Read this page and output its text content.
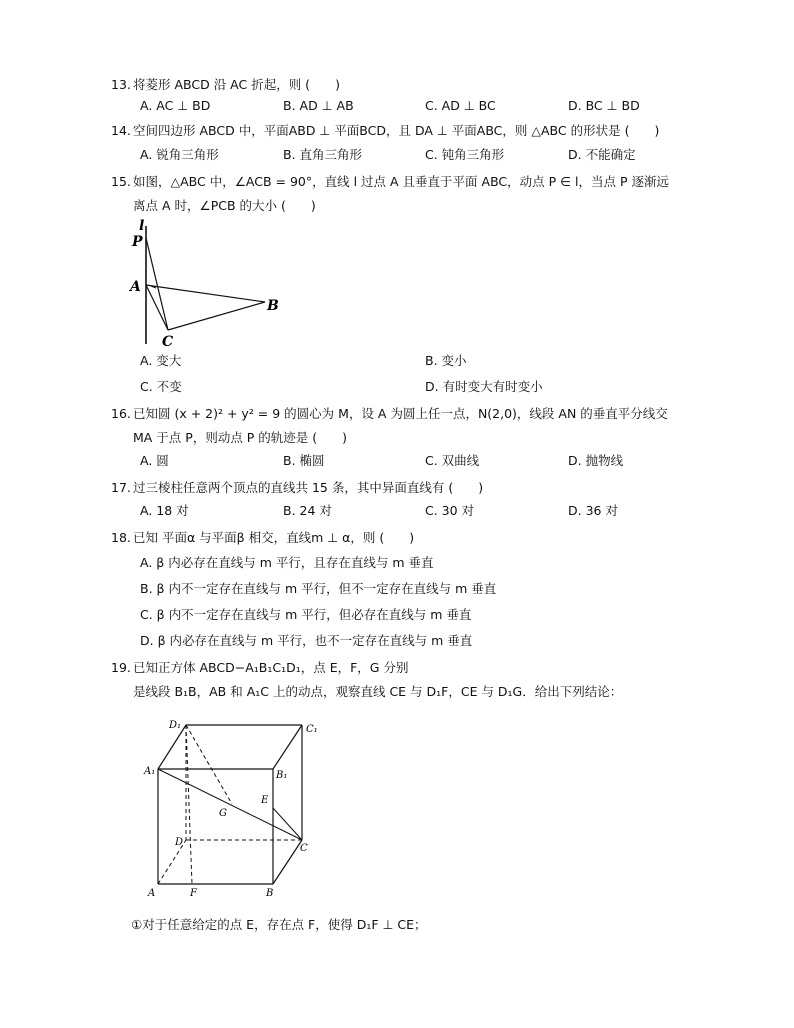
13. 将菱形 ABCD 沿 AC 折起，则 (　　)
A. AC ⊥ BD	B. AD ⊥ AB	C. AD ⊥ BC	D. BC ⊥ BD
14. 空间四边形 ABCD 中，平面ABD ⊥ 平面BCD，且 DA ⊥ 平面ABC，则 △ABC 的形状是 (　　)
A. 锐角三角形	B. 直角三角形	C. 钝角三角形	D. 不能确定
15. 如图，△ABC 中，∠ACB = 90°，直线 l 过点 A 且垂直于平面 ABC，动点 P ∈ l，当点 P 逐渐远
离点 A 时，∠PCB 的大小 (　　)
l
P
A
B
C
A. 变大	B. 变小
C. 不变	D. 有时变大有时变小
16. 已知圆 (x + 2)² + y² = 9 的圆心为 M，设 A 为圆上任一点，N(2,0)，线段 AN 的垂直平分线交
MA 于点 P，则动点 P 的轨迹是 (　　)
A. 圆	B. 椭圆	C. 双曲线	D. 抛物线
17. 过三棱柱任意两个顶点的直线共 15 条，其中异面直线有 (　　)
A. 18 对	B. 24 对	C. 30 对	D. 36 对
18. 已知 平面α 与平面β 相交，直线m ⊥ α，则 (　　)
A. β 内必存在直线与 m 平行，且存在直线与 m 垂直
B. β 内不一定存在直线与 m 平行，但不一定存在直线与 m 垂直
C. β 内不一定存在直线与 m 平行，但必存在直线与 m 垂直
D. β 内必存在直线与 m 平行，也不一定存在直线与 m 垂直
19. 已知正方体 ABCD−A₁B₁C₁D₁，点 E，F，G 分别
是线段 B₁B，AB 和 A₁C 上的动点，观察直线 CE 与 D₁F，CE 与 D₁G．给出下列结论：
D₁	C₁
A₁	B₁
E
G
D
C
A	F	B
①对于任意给定的点 E，存在点 F，使得 D₁F ⊥ CE；
